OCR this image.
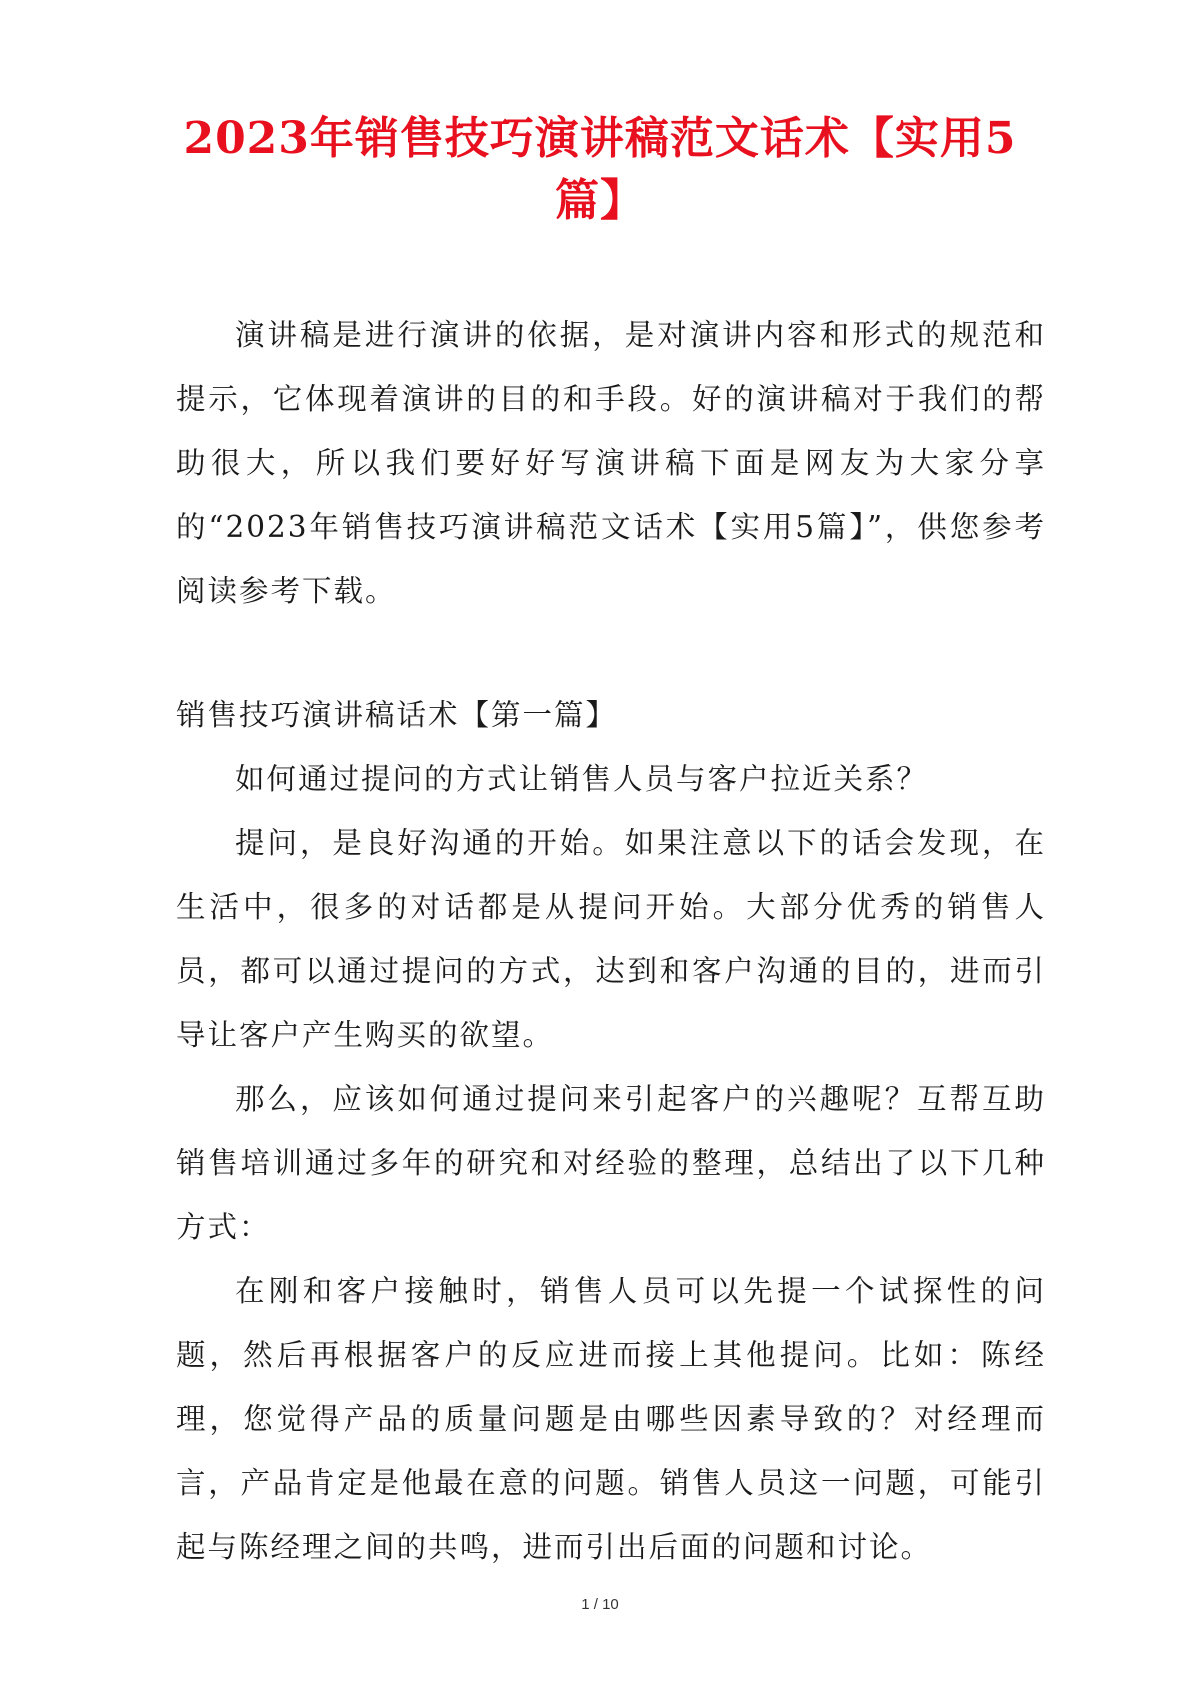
2023年销售技巧演讲稿范文话术【实用5篇】

演讲稿是进行演讲的依据，是对演讲内容和形式的规范和提示，它体现着演讲的目的和手段。好的演讲稿对于我们的帮助很大，所以我们要好好写演讲稿下面是网友为大家分享的“2023年销售技巧演讲稿范文话术【实用5篇】”，供您参考阅读参考下载。

销售技巧演讲稿话术【第一篇】

如何通过提问的方式让销售人员与客户拉近关系？

提问，是良好沟通的开始。如果注意以下的话会发现，在生活中，很多的对话都是从提问开始。大部分优秀的销售人员，都可以通过提问的方式，达到和客户沟通的目的，进而引导让客户产生购买的欲望。

那么，应该如何通过提问来引起客户的兴趣呢？互帮互助销售培训通过多年的研究和对经验的整理，总结出了以下几种方式：

在刚和客户接触时，销售人员可以先提一个试探性的问题，然后再根据客户的反应进而接上其他提问。比如：陈经理，您觉得产品的质量问题是由哪些因素导致的？对经理而言，产品肯定是他最在意的问题。销售人员这一问题，可能引起与陈经理之间的共鸣，进而引出后面的问题和讨论。

1 / 10
